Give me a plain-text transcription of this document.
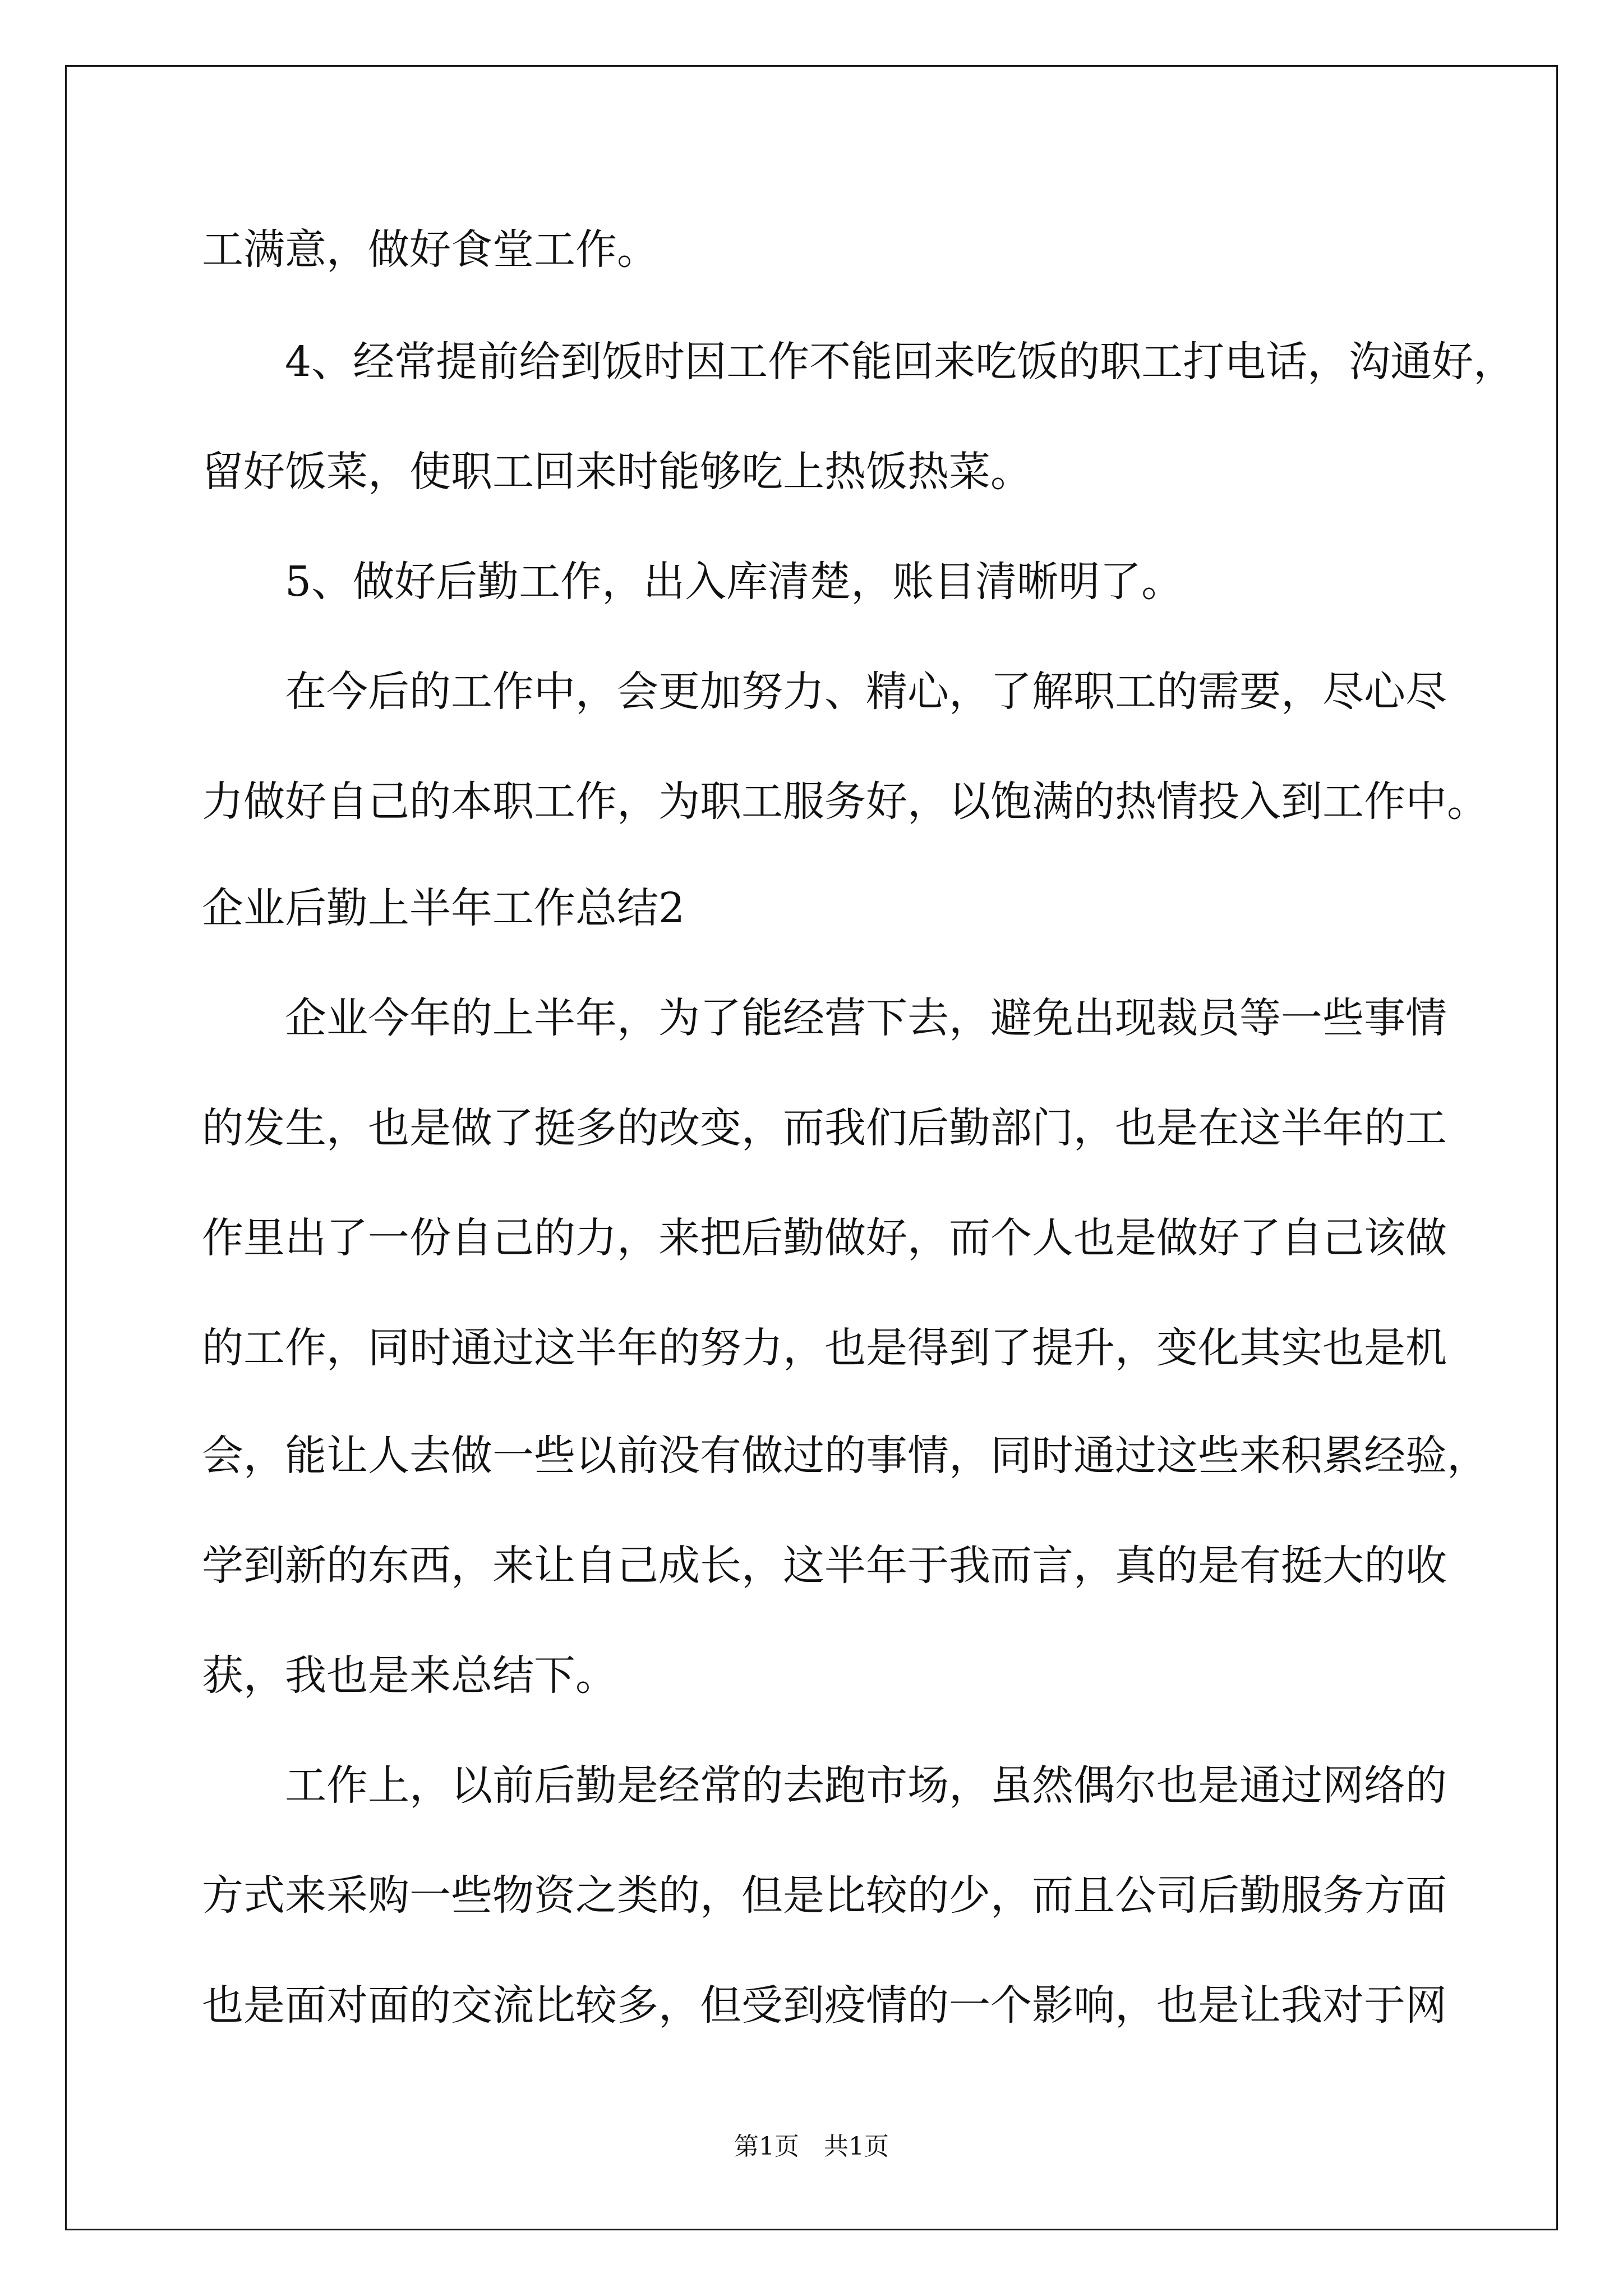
工满意，做好食堂工作。
4、经常提前给到饭时因工作不能回来吃饭的职工打电话，沟通好，
留好饭菜，使职工回来时能够吃上热饭热菜。
5、做好后勤工作，出入库清楚，账目清晰明了。
在今后的工作中，会更加努力、精心，了解职工的需要，尽心尽
力做好自己的本职工作，为职工服务好，以饱满的热情投入到工作中。
企业后勤上半年工作总结2
企业今年的上半年，为了能经营下去，避免出现裁员等一些事情
的发生，也是做了挺多的改变，而我们后勤部门，也是在这半年的工
作里出了一份自己的力，来把后勤做好，而个人也是做好了自己该做
的工作，同时通过这半年的努力，也是得到了提升，变化其实也是机
会，能让人去做一些以前没有做过的事情，同时通过这些来积累经验，
学到新的东西，来让自己成长，这半年于我而言，真的是有挺大的收
获，我也是来总结下。
工作上，以前后勤是经常的去跑市场，虽然偶尔也是通过网络的
方式来采购一些物资之类的，但是比较的少，而且公司后勤服务方面
也是面对面的交流比较多，但受到疫情的一个影响，也是让我对于网
第1页　共1页
